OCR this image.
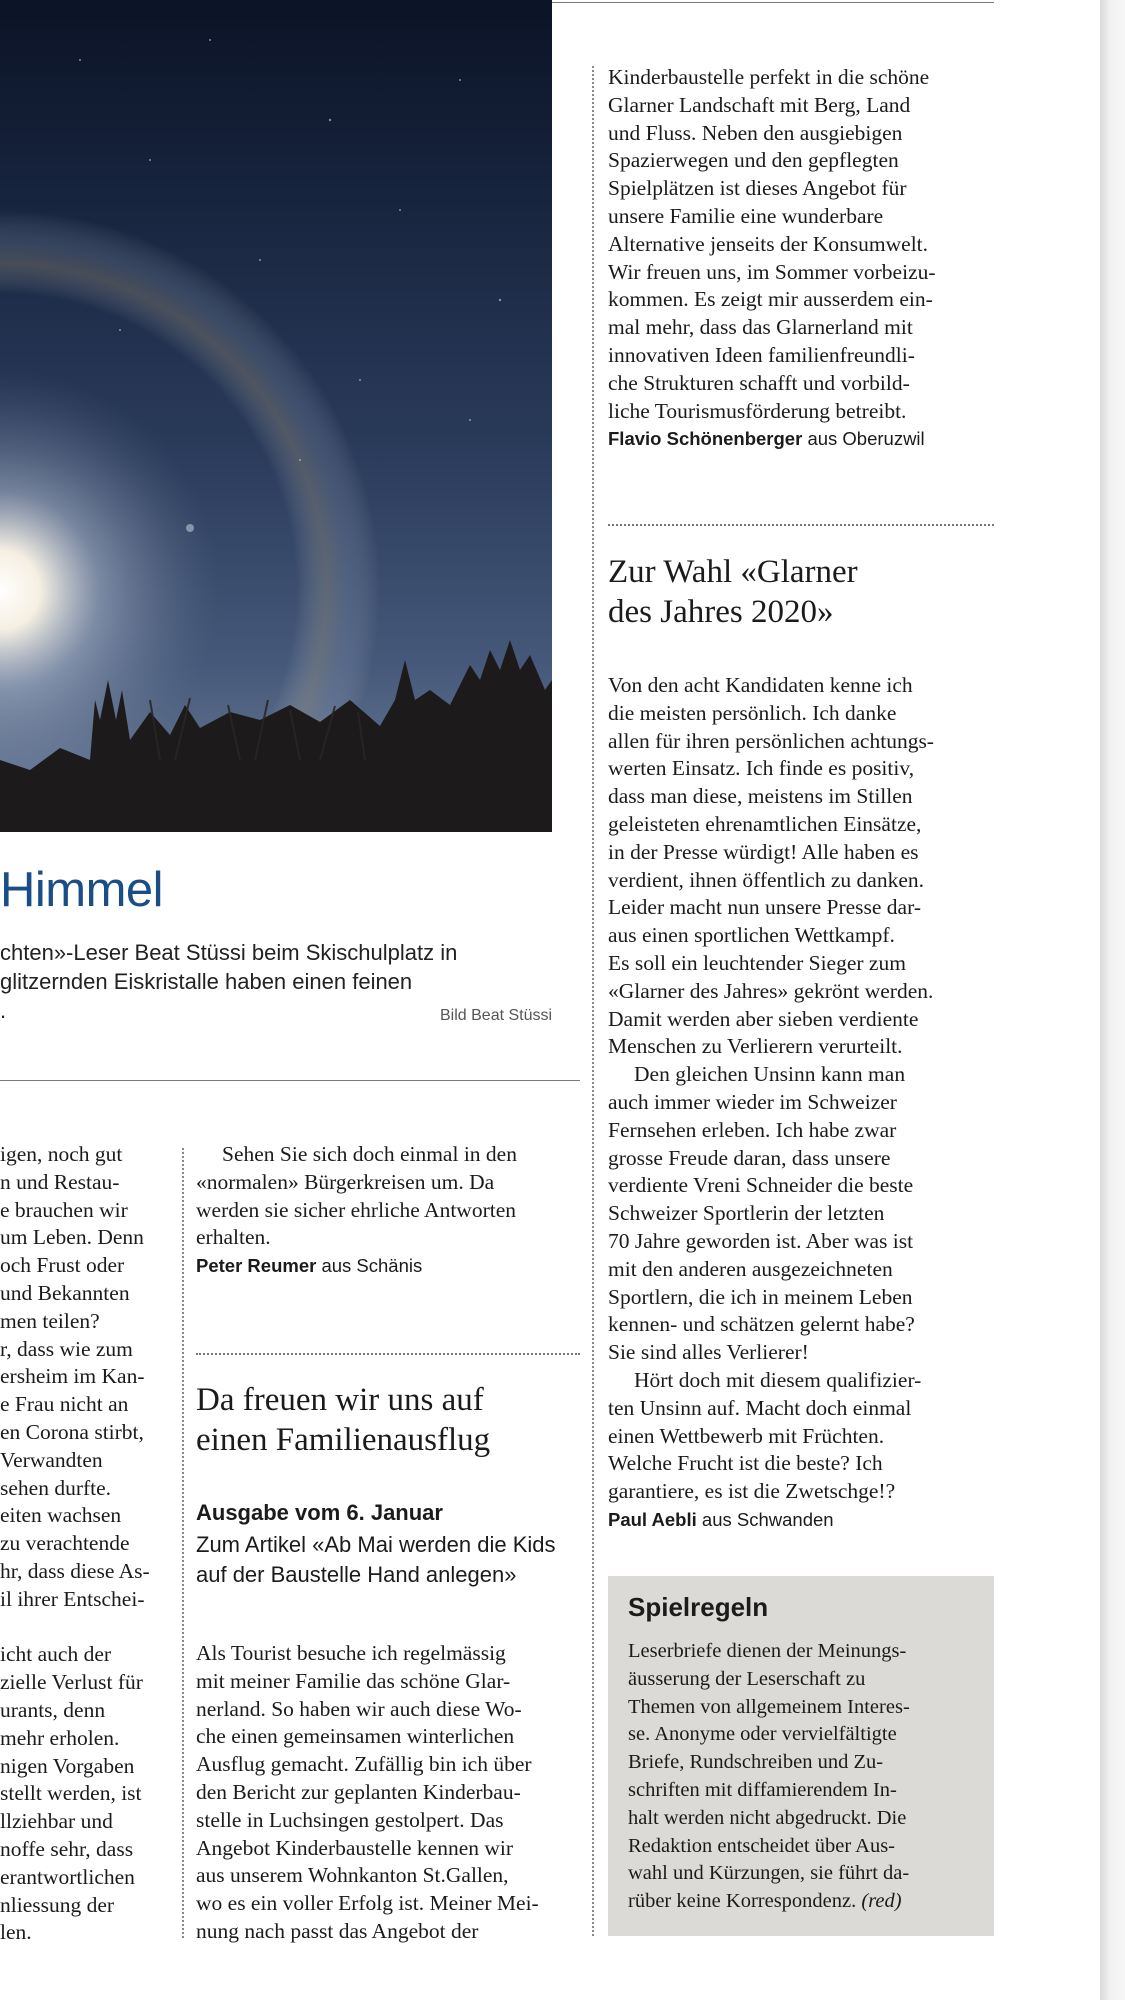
Himmel
chten»-Leser Beat Stüssi beim Skischulplatz in
glitzernden Eiskristalle haben einen feinen
.	Bild Beat Stüssi
igen, noch gut
n und Restau-
e brauchen wir
um Leben. Denn
och Frust oder
und Bekannten
men teilen?
r, dass wie zum
ersheim im Kan-
e Frau nicht an
en Corona stirbt,
Verwandten
sehen durfte.
eiten wachsen
zu verachtende
hr, dass diese As-
il ihrer Entschei-
icht auch der
zielle Verlust für
urants, denn
mehr erholen.
nigen Vorgaben
stellt werden, ist
llziehbar und
noffe sehr, dass
erantwortlichen
nliessung der
len.
Sehen Sie sich doch einmal in den
«normalen» Bürgerkreisen um. Da
werden sie sicher ehrliche Antworten
erhalten.
Peter Reumer aus Schänis
Da freuen wir uns auf
einen Familienausflug
Ausgabe vom 6. Januar
Zum Artikel «Ab Mai werden die Kids
auf der Baustelle Hand anlegen»
Als Tourist besuche ich regelmässig
mit meiner Familie das schöne Glar-
nerland. So haben wir auch diese Wo-
che einen gemeinsamen winterlichen
Ausflug gemacht. Zufällig bin ich über
den Bericht zur geplanten Kinderbau-
stelle in Luchsingen gestolpert. Das
Angebot Kinderbaustelle kennen wir
aus unserem Wohnkanton St.Gallen,
wo es ein voller Erfolg ist. Meiner Mei-
nung nach passt das Angebot der
Kinderbaustelle perfekt in die schöne
Glarner Landschaft mit Berg, Land
und Fluss. Neben den ausgiebigen
Spazierwegen und den gepflegten
Spielplätzen ist dieses Angebot für
unsere Familie eine wunderbare
Alternative jenseits der Konsumwelt.
Wir freuen uns, im Sommer vorbeizu-
kommen. Es zeigt mir ausserdem ein-
mal mehr, dass das Glarnerland mit
innovativen Ideen familienfreundli-
che Strukturen schafft und vorbild-
liche Tourismusförderung betreibt.
Flavio Schönenberger aus Oberuzwil
Zur Wahl «Glarner
des Jahres 2020»
Von den acht Kandidaten kenne ich
die meisten persönlich. Ich danke
allen für ihren persönlichen achtungs-
werten Einsatz. Ich finde es positiv,
dass man diese, meistens im Stillen
geleisteten ehrenamtlichen Einsätze,
in der Presse würdigt! Alle haben es
verdient, ihnen öffentlich zu danken.
Leider macht nun unsere Presse dar-
aus einen sportlichen Wettkampf.
Es soll ein leuchtender Sieger zum
«Glarner des Jahres» gekrönt werden.
Damit werden aber sieben verdiente
Menschen zu Verlierern verurteilt.
Den gleichen Unsinn kann man
auch immer wieder im Schweizer
Fernsehen erleben. Ich habe zwar
grosse Freude daran, dass unsere
verdiente Vreni Schneider die beste
Schweizer Sportlerin der letzten
70 Jahre geworden ist. Aber was ist
mit den anderen ausgezeichneten
Sportlern, die ich in meinem Leben
kennen- und schätzen gelernt habe?
Sie sind alles Verlierer!
Hört doch mit diesem qualifizier-
ten Unsinn auf. Macht doch einmal
einen Wettbewerb mit Früchten.
Welche Frucht ist die beste? Ich
garantiere, es ist die Zwetschge!?
Paul Aebli aus Schwanden
Spielregeln
Leserbriefe dienen der Meinungs-
äusserung der Leserschaft zu
Themen von allgemeinem Interes-
se. Anonyme oder vervielfältigte
Briefe, Rundschreiben und Zu-
schriften mit diffamierendem In-
halt werden nicht abgedruckt. Die
Redaktion entscheidet über Aus-
wahl und Kürzungen, sie führt da-
rüber keine Korrespondenz. (red)
